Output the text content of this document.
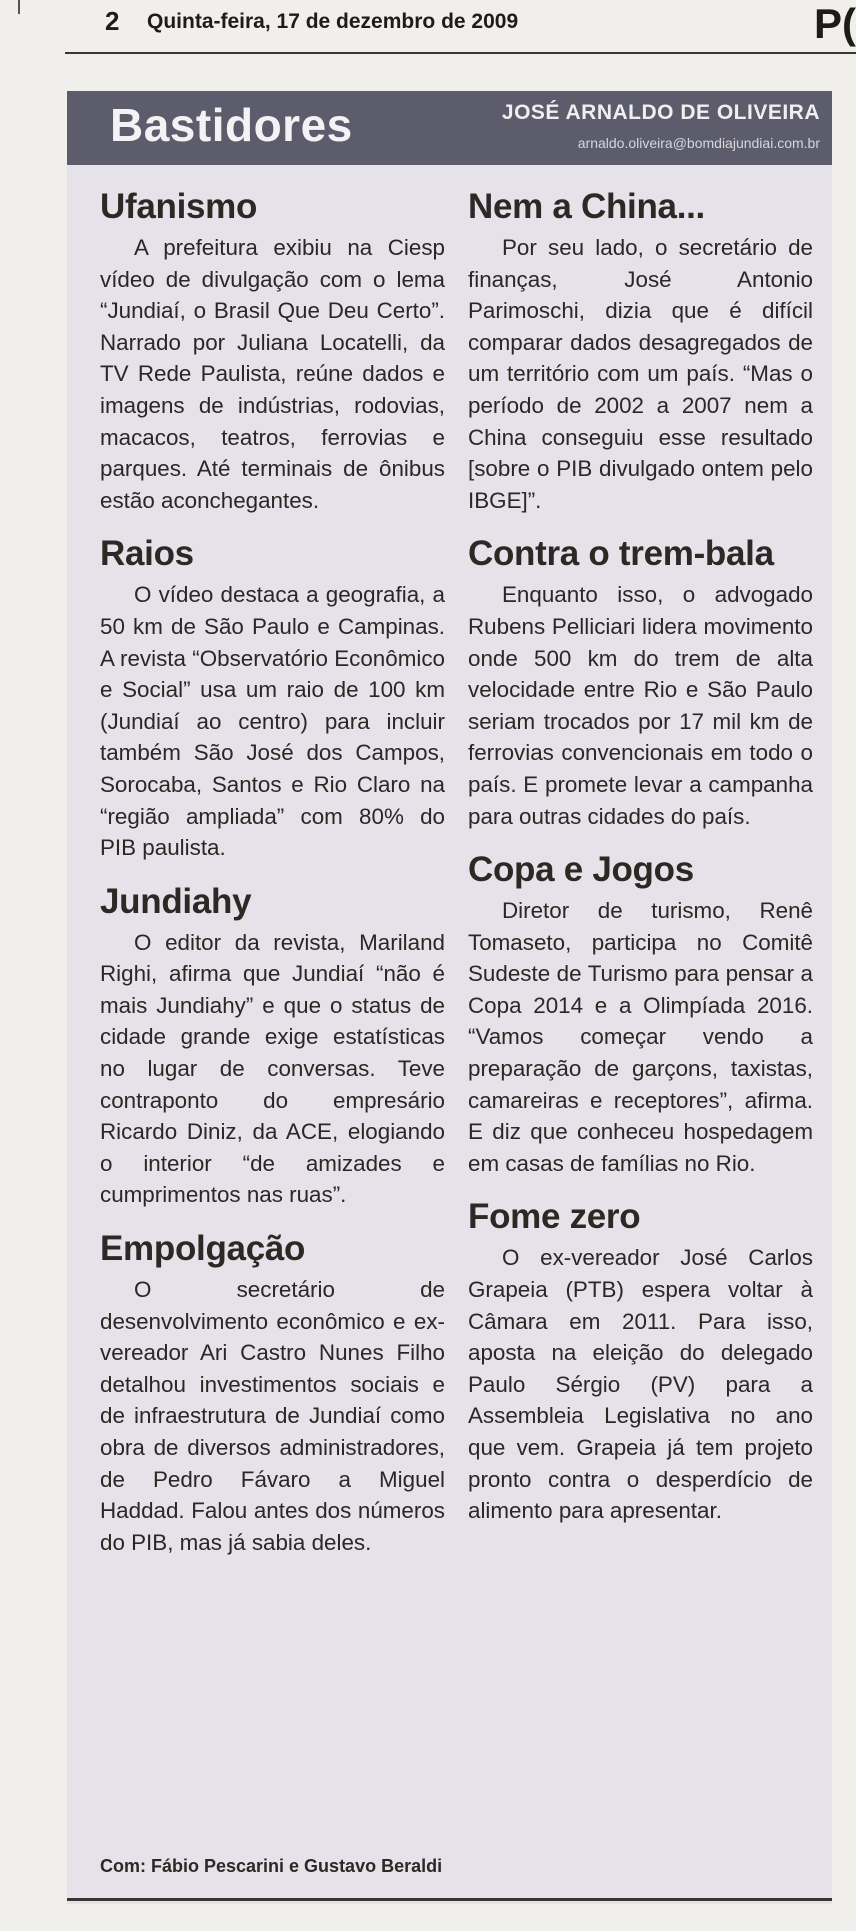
2 Quinta-feira, 17 de dezembro de 2009	P(
Bastidores	JOSÉ ARNALDO DE OLIVEIRA
arnaldo.oliveira@bomdiajundiai.com.br
Ufanismo

A prefeitura exibiu na Ciesp vídeo de divulgação com o lema “Jundiaí, o Brasil Que Deu Certo”. Narrado por Juliana Locatelli, da TV Rede Paulista, reúne dados e imagens de indústrias, rodovias, macacos, teatros, ferrovias e parques. Até terminais de ônibus estão aconchegantes.

Raios

O vídeo destaca a geografia, a 50 km de São Paulo e Campinas. A revista “Observatório Econômico e Social” usa um raio de 100 km (Jundiaí ao centro) para incluir também São José dos Campos, Sorocaba, Santos e Rio Claro na “região ampliada” com 80% do PIB paulista.

Jundiahy

O editor da revista, Mariland Righi, afirma que Jundiaí “não é mais Jundiahy” e que o status de cidade grande exige estatísticas no lugar de conversas. Teve contraponto do empresário Ricardo Diniz, da ACE, elogiando o interior “de amizades e cumprimentos nas ruas”.

Empolgação

O secretário de desenvolvimento econômico e ex-vereador Ari Castro Nunes Filho detalhou investimentos sociais e de infraestrutura de Jundiaí como obra de diversos administradores, de Pedro Fávaro a Miguel Haddad. Falou antes dos números do PIB, mas já sabia deles.

Nem a China...

Por seu lado, o secretário de finanças, José Antonio Parimoschi, dizia que é difícil comparar dados desagregados de um território com um país. “Mas o período de 2002 a 2007 nem a China conseguiu esse resultado [sobre o PIB divulgado ontem pelo IBGE]”.

Contra o trem-bala

Enquanto isso, o advogado Rubens Pelliciari lidera movimento onde 500 km do trem de alta velocidade entre Rio e São Paulo seriam trocados por 17 mil km de ferrovias convencionais em todo o país. E promete levar a campanha para outras cidades do país.

Copa e Jogos

Diretor de turismo, Renê Tomaseto, participa no Comitê Sudeste de Turismo para pensar a Copa 2014 e a Olimpíada 2016. “Vamos começar vendo a preparação de garçons, taxistas, camareiras e receptores”, afirma. E diz que conheceu hospedagem em casas de famílias no Rio.

Fome zero

O ex-vereador José Carlos Grapeia (PTB) espera voltar à Câmara em 2011. Para isso, aposta na eleição do delegado Paulo Sérgio (PV) para a Assembleia Legislativa no ano que vem. Grapeia já tem projeto pronto contra o desperdício de alimento para apresentar.

Com: Fábio Pescarini e Gustavo Beraldi
